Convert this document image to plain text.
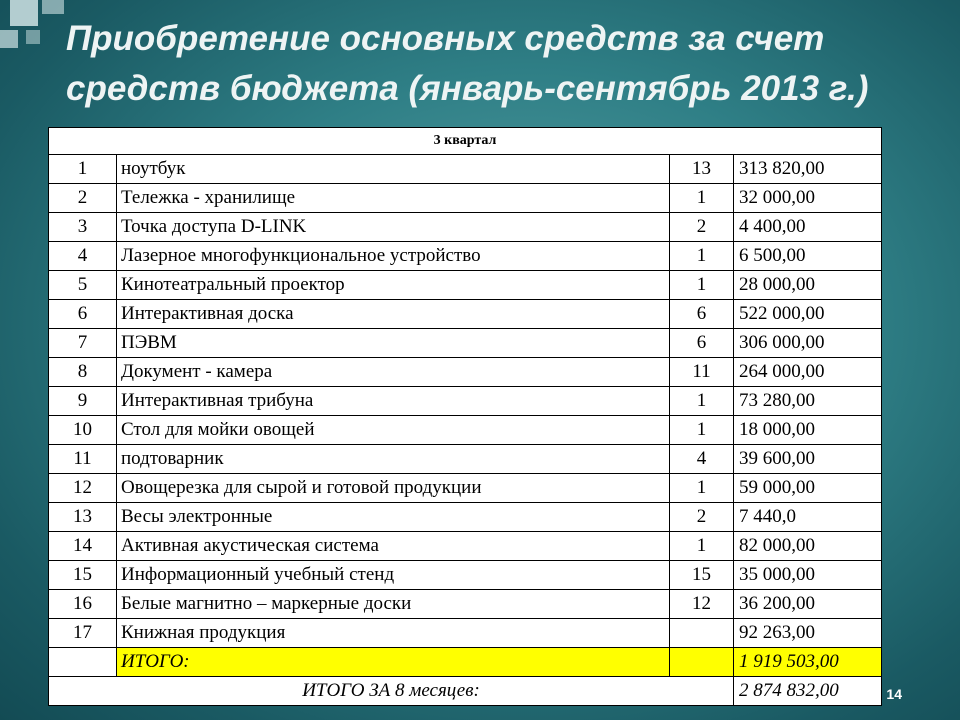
Приобретение основных средств за счет средств бюджета (январь-сентябрь 2013 г.)
3 квартал			
1	ноутбук	13	313 820,00
2	Тележка - хранилище	1	32 000,00
3	Точка доступа D-LINK	2	4 400,00
4	Лазерное многофункциональное устройство	1	6 500,00
5	Кинотеатральный проектор	1	28 000,00
6	Интерактивная доска	6	522 000,00
7	ПЭВМ	6	306 000,00
8	Документ - камера	11	264 000,00
9	Интерактивная трибуна	1	73 280,00
10	Стол для мойки овощей	1	18 000,00
11	подтоварник	4	39 600,00
12	Овощерезка для сырой и готовой продукции	1	59 000,00
13	Весы электронные	2	7 440,0
14	Активная акустическая система	1	82 000,00
15	Информационный учебный стенд	15	35 000,00
16	Белые магнитно – маркерные доски	12	36 200,00
17	Книжная продукция		92 263,00
	ИТОГО:		1 919 503,00
ИТОГО ЗА 8 месяцев:			2 874 832,00	14
